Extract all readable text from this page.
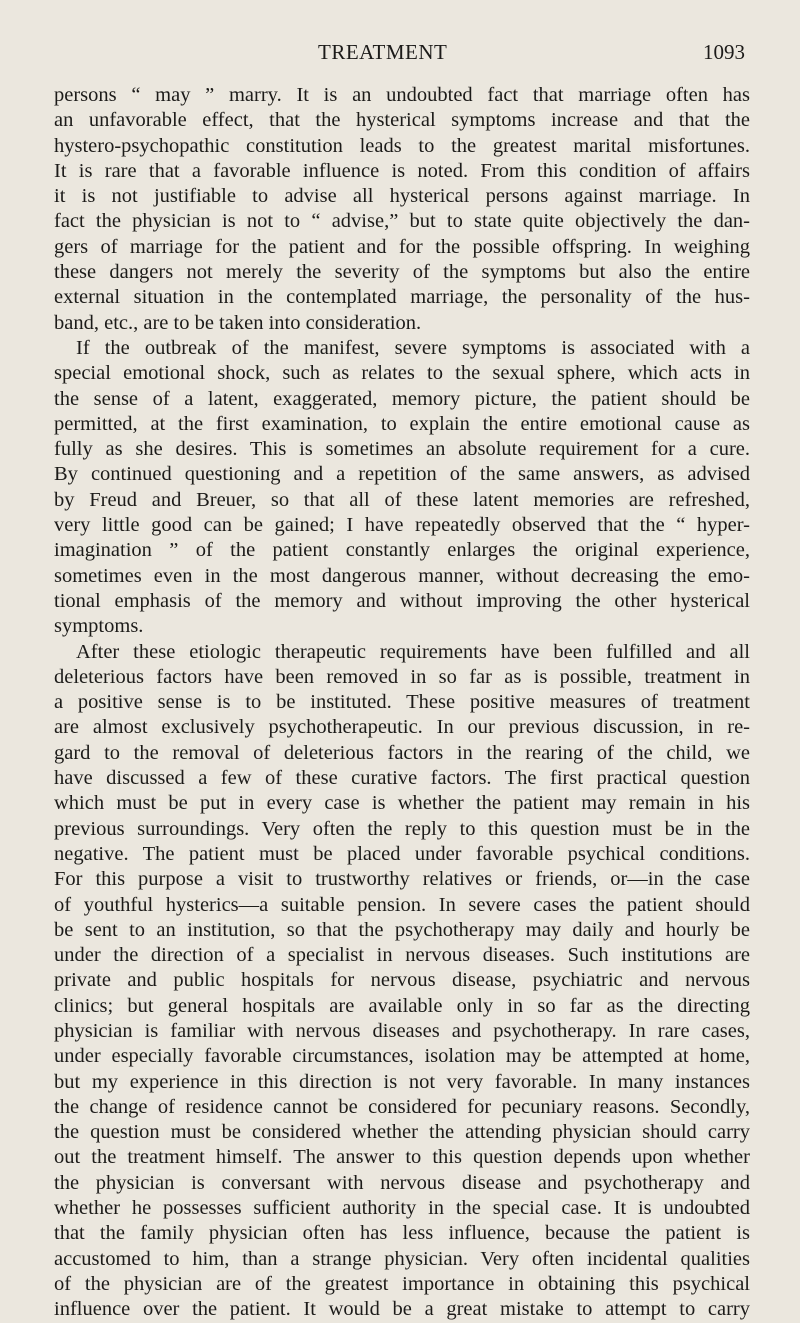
TREATMENT	1093
persons “ may ” marry. It is an undoubted fact that marriage often has
an unfavorable effect, that the hysterical symptoms increase and that the
hystero-psychopathic constitution leads to the greatest marital misfortunes.
It is rare that a favorable influence is noted. From this condition of affairs
it is not justifiable to advise all hysterical persons against marriage. In
fact the physician is not to “ advise,” but to state quite objectively the dan-
gers of marriage for the patient and for the possible offspring. In weighing
these dangers not merely the severity of the symptoms but also the entire
external situation in the contemplated marriage, the personality of the hus-
band, etc., are to be taken into consideration.
If the outbreak of the manifest, severe symptoms is associated with a
special emotional shock, such as relates to the sexual sphere, which acts in
the sense of a latent, exaggerated, memory picture, the patient should be
permitted, at the first examination, to explain the entire emotional cause as
fully as she desires. This is sometimes an absolute requirement for a cure.
By continued questioning and a repetition of the same answers, as advised
by Freud and Breuer, so that all of these latent memories are refreshed,
very little good can be gained; I have repeatedly observed that the “ hyper-
imagination ” of the patient constantly enlarges the original experience,
sometimes even in the most dangerous manner, without decreasing the emo-
tional emphasis of the memory and without improving the other hysterical
symptoms.
After these etiologic therapeutic requirements have been fulfilled and all
deleterious factors have been removed in so far as is possible, treatment in
a positive sense is to be instituted. These positive measures of treatment
are almost exclusively psychotherapeutic. In our previous discussion, in re-
gard to the removal of deleterious factors in the rearing of the child, we
have discussed a few of these curative factors. The first practical question
which must be put in every case is whether the patient may remain in his
previous surroundings. Very often the reply to this question must be in the
negative. The patient must be placed under favorable psychical conditions.
For this purpose a visit to trustworthy relatives or friends, or—in the case
of youthful hysterics—a suitable pension. In severe cases the patient should
be sent to an institution, so that the psychotherapy may daily and hourly be
under the direction of a specialist in nervous diseases. Such institutions are
private and public hospitals for nervous disease, psychiatric and nervous
clinics; but general hospitals are available only in so far as the directing
physician is familiar with nervous diseases and psychotherapy. In rare cases,
under especially favorable circumstances, isolation may be attempted at home,
but my experience in this direction is not very favorable. In many instances
the change of residence cannot be considered for pecuniary reasons. Secondly,
the question must be considered whether the attending physician should carry
out the treatment himself. The answer to this question depends upon whether
the physician is conversant with nervous disease and psychotherapy and
whether he possesses sufficient authority in the special case. It is undoubted
that the family physician often has less influence, because the patient is
accustomed to him, than a strange physician. Very often incidental qualities
of the physician are of the greatest importance in obtaining this psychical
influence over the patient. It would be a great mistake to attempt to carry
